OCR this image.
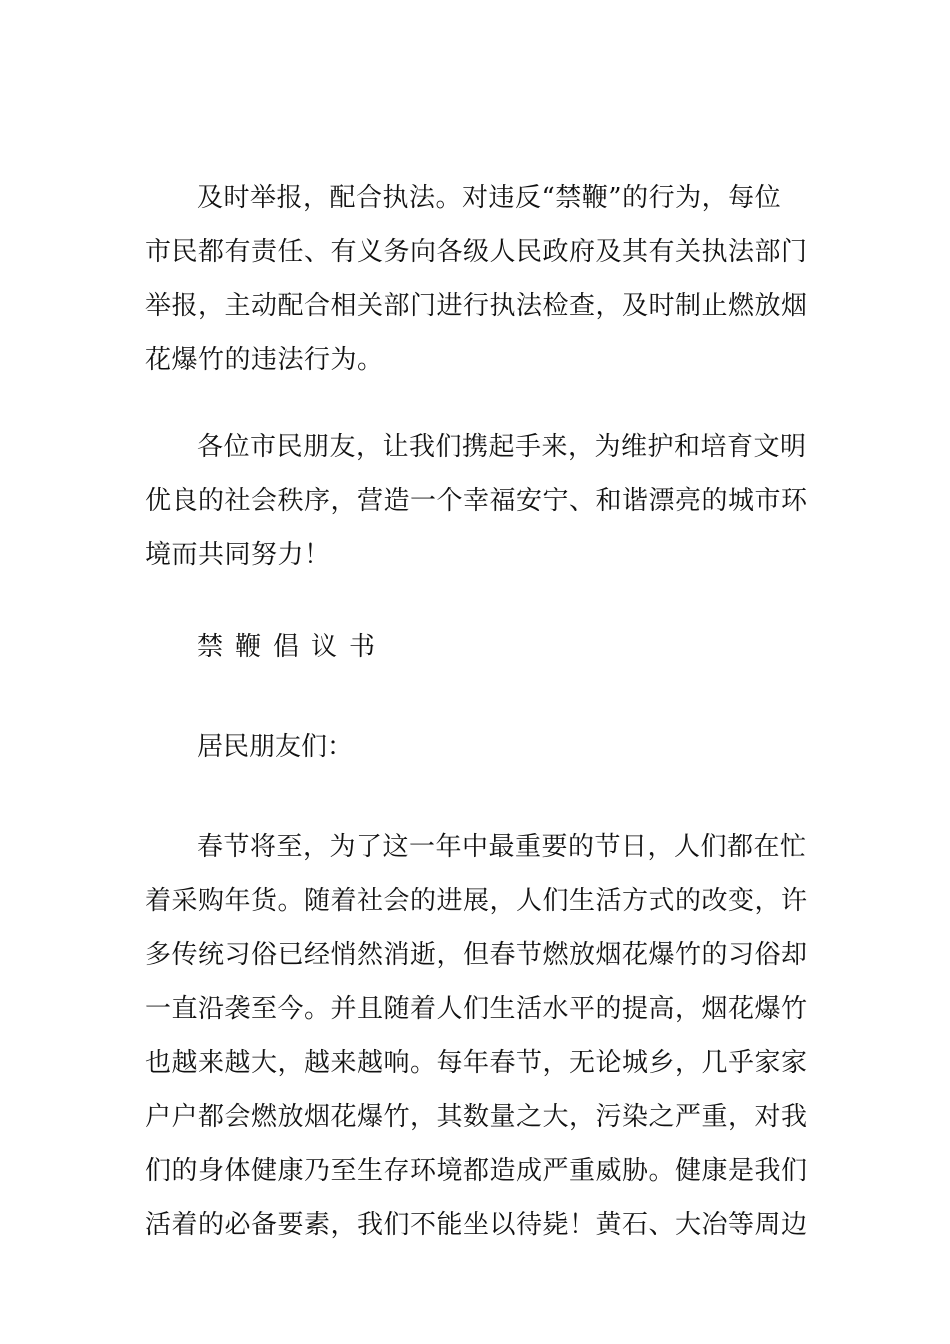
及时举报，配合执法。对违反“禁鞭”的行为，每位
市民都有责任、有义务向各级人民政府及其有关执法部门
举报，主动配合相关部门进行执法检查，及时制止燃放烟
花爆竹的违法行为。

各位市民朋友，让我们携起手来，为维护和培育文明
优良的社会秩序，营造一个幸福安宁、和谐漂亮的城市环
境而共同努力！

禁鞭倡议书
居民朋友们：

春节将至，为了这一年中最重要的节日，人们都在忙
着采购年货。随着社会的进展，人们生活方式的改变，许
多传统习俗已经悄然消逝，但春节燃放烟花爆竹的习俗却
一直沿袭至今。并且随着人们生活水平的提高，烟花爆竹
也越来越大，越来越响。每年春节，无论城乡，几乎家家
户户都会燃放烟花爆竹，其数量之大，污染之严重，对我
们的身体健康乃至生存环境都造成严重威胁。健康是我们
活着的必备要素，我们不能坐以待毙！黄石、大冶等周边
